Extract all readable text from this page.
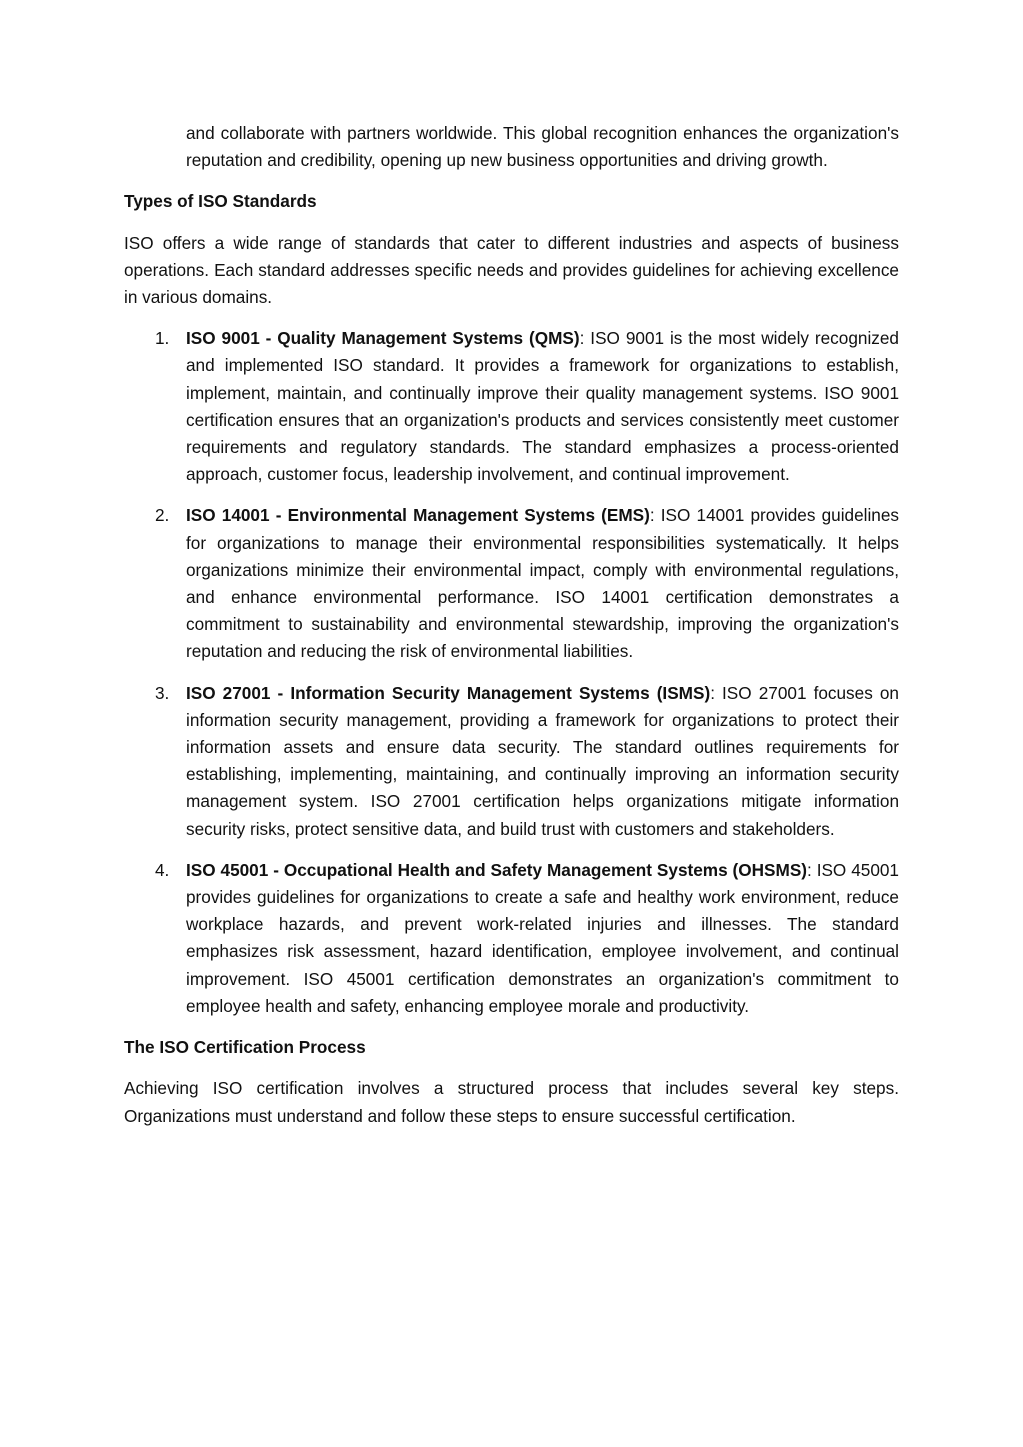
and collaborate with partners worldwide. This global recognition enhances the organization's reputation and credibility, opening up new business opportunities and driving growth.

Types of ISO Standards

ISO offers a wide range of standards that cater to different industries and aspects of business operations. Each standard addresses specific needs and provides guidelines for achieving excellence in various domains.

1. ISO 9001 - Quality Management Systems (QMS): ISO 9001 is the most widely recognized and implemented ISO standard. It provides a framework for organizations to establish, implement, maintain, and continually improve their quality management systems. ISO 9001 certification ensures that an organization's products and services consistently meet customer requirements and regulatory standards. The standard emphasizes a process-oriented approach, customer focus, leadership involvement, and continual improvement.
2. ISO 14001 - Environmental Management Systems (EMS): ISO 14001 provides guidelines for organizations to manage their environmental responsibilities systematically. It helps organizations minimize their environmental impact, comply with environmental regulations, and enhance environmental performance. ISO 14001 certification demonstrates a commitment to sustainability and environmental stewardship, improving the organization's reputation and reducing the risk of environmental liabilities.
3. ISO 27001 - Information Security Management Systems (ISMS): ISO 27001 focuses on information security management, providing a framework for organizations to protect their information assets and ensure data security. The standard outlines requirements for establishing, implementing, maintaining, and continually improving an information security management system. ISO 27001 certification helps organizations mitigate information security risks, protect sensitive data, and build trust with customers and stakeholders.
4. ISO 45001 - Occupational Health and Safety Management Systems (OHSMS): ISO 45001 provides guidelines for organizations to create a safe and healthy work environment, reduce workplace hazards, and prevent work-related injuries and illnesses. The standard emphasizes risk assessment, hazard identification, employee involvement, and continual improvement. ISO 45001 certification demonstrates an organization's commitment to employee health and safety, enhancing employee morale and productivity.

The ISO Certification Process

Achieving ISO certification involves a structured process that includes several key steps. Organizations must understand and follow these steps to ensure successful certification.
